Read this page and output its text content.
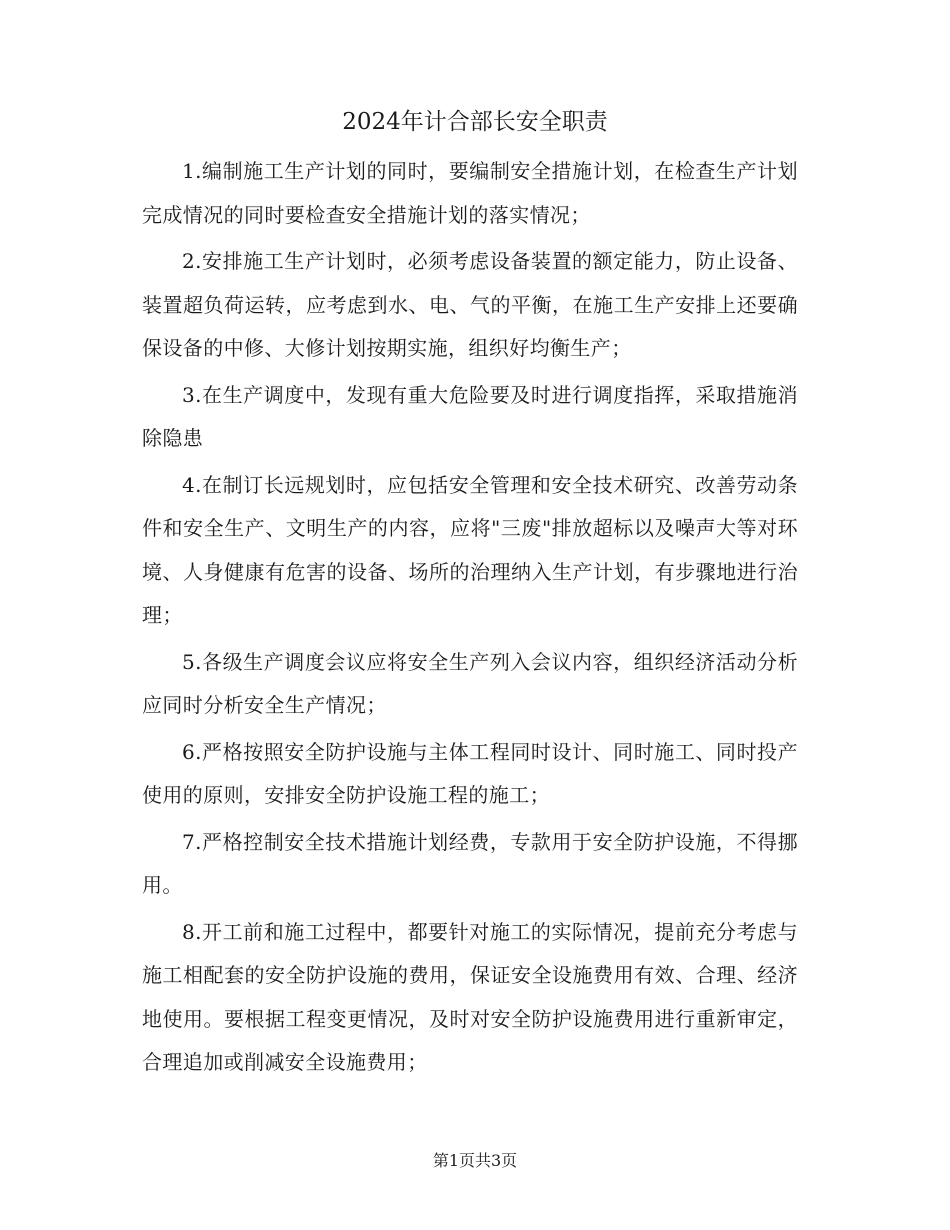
2024年计合部长安全职责

1.编制施工生产计划的同时，要编制安全措施计划，在检查生产计划完成情况的同时要检查安全措施计划的落实情况；

2.安排施工生产计划时，必须考虑设备装置的额定能力，防止设备、装置超负荷运转，应考虑到水、电、气的平衡，在施工生产安排上还要确保设备的中修、大修计划按期实施，组织好均衡生产；

3.在生产调度中，发现有重大危险要及时进行调度指挥，采取措施消除隐患

4.在制订长远规划时，应包括安全管理和安全技术研究、改善劳动条件和安全生产、文明生产的内容，应将"三废"排放超标以及噪声大等对环境、人身健康有危害的设备、场所的治理纳入生产计划，有步骤地进行治理；

5.各级生产调度会议应将安全生产列入会议内容，组织经济活动分析应同时分析安全生产情况；

6.严格按照安全防护设施与主体工程同时设计、同时施工、同时投产使用的原则，安排安全防护设施工程的施工；

7.严格控制安全技术措施计划经费，专款用于安全防护设施，不得挪用。

8.开工前和施工过程中，都要针对施工的实际情况，提前充分考虑与施工相配套的安全防护设施的费用，保证安全设施费用有效、合理、经济地使用。要根据工程变更情况，及时对安全防护设施费用进行重新审定，合理追加或削减安全设施费用；

第1页共3页
